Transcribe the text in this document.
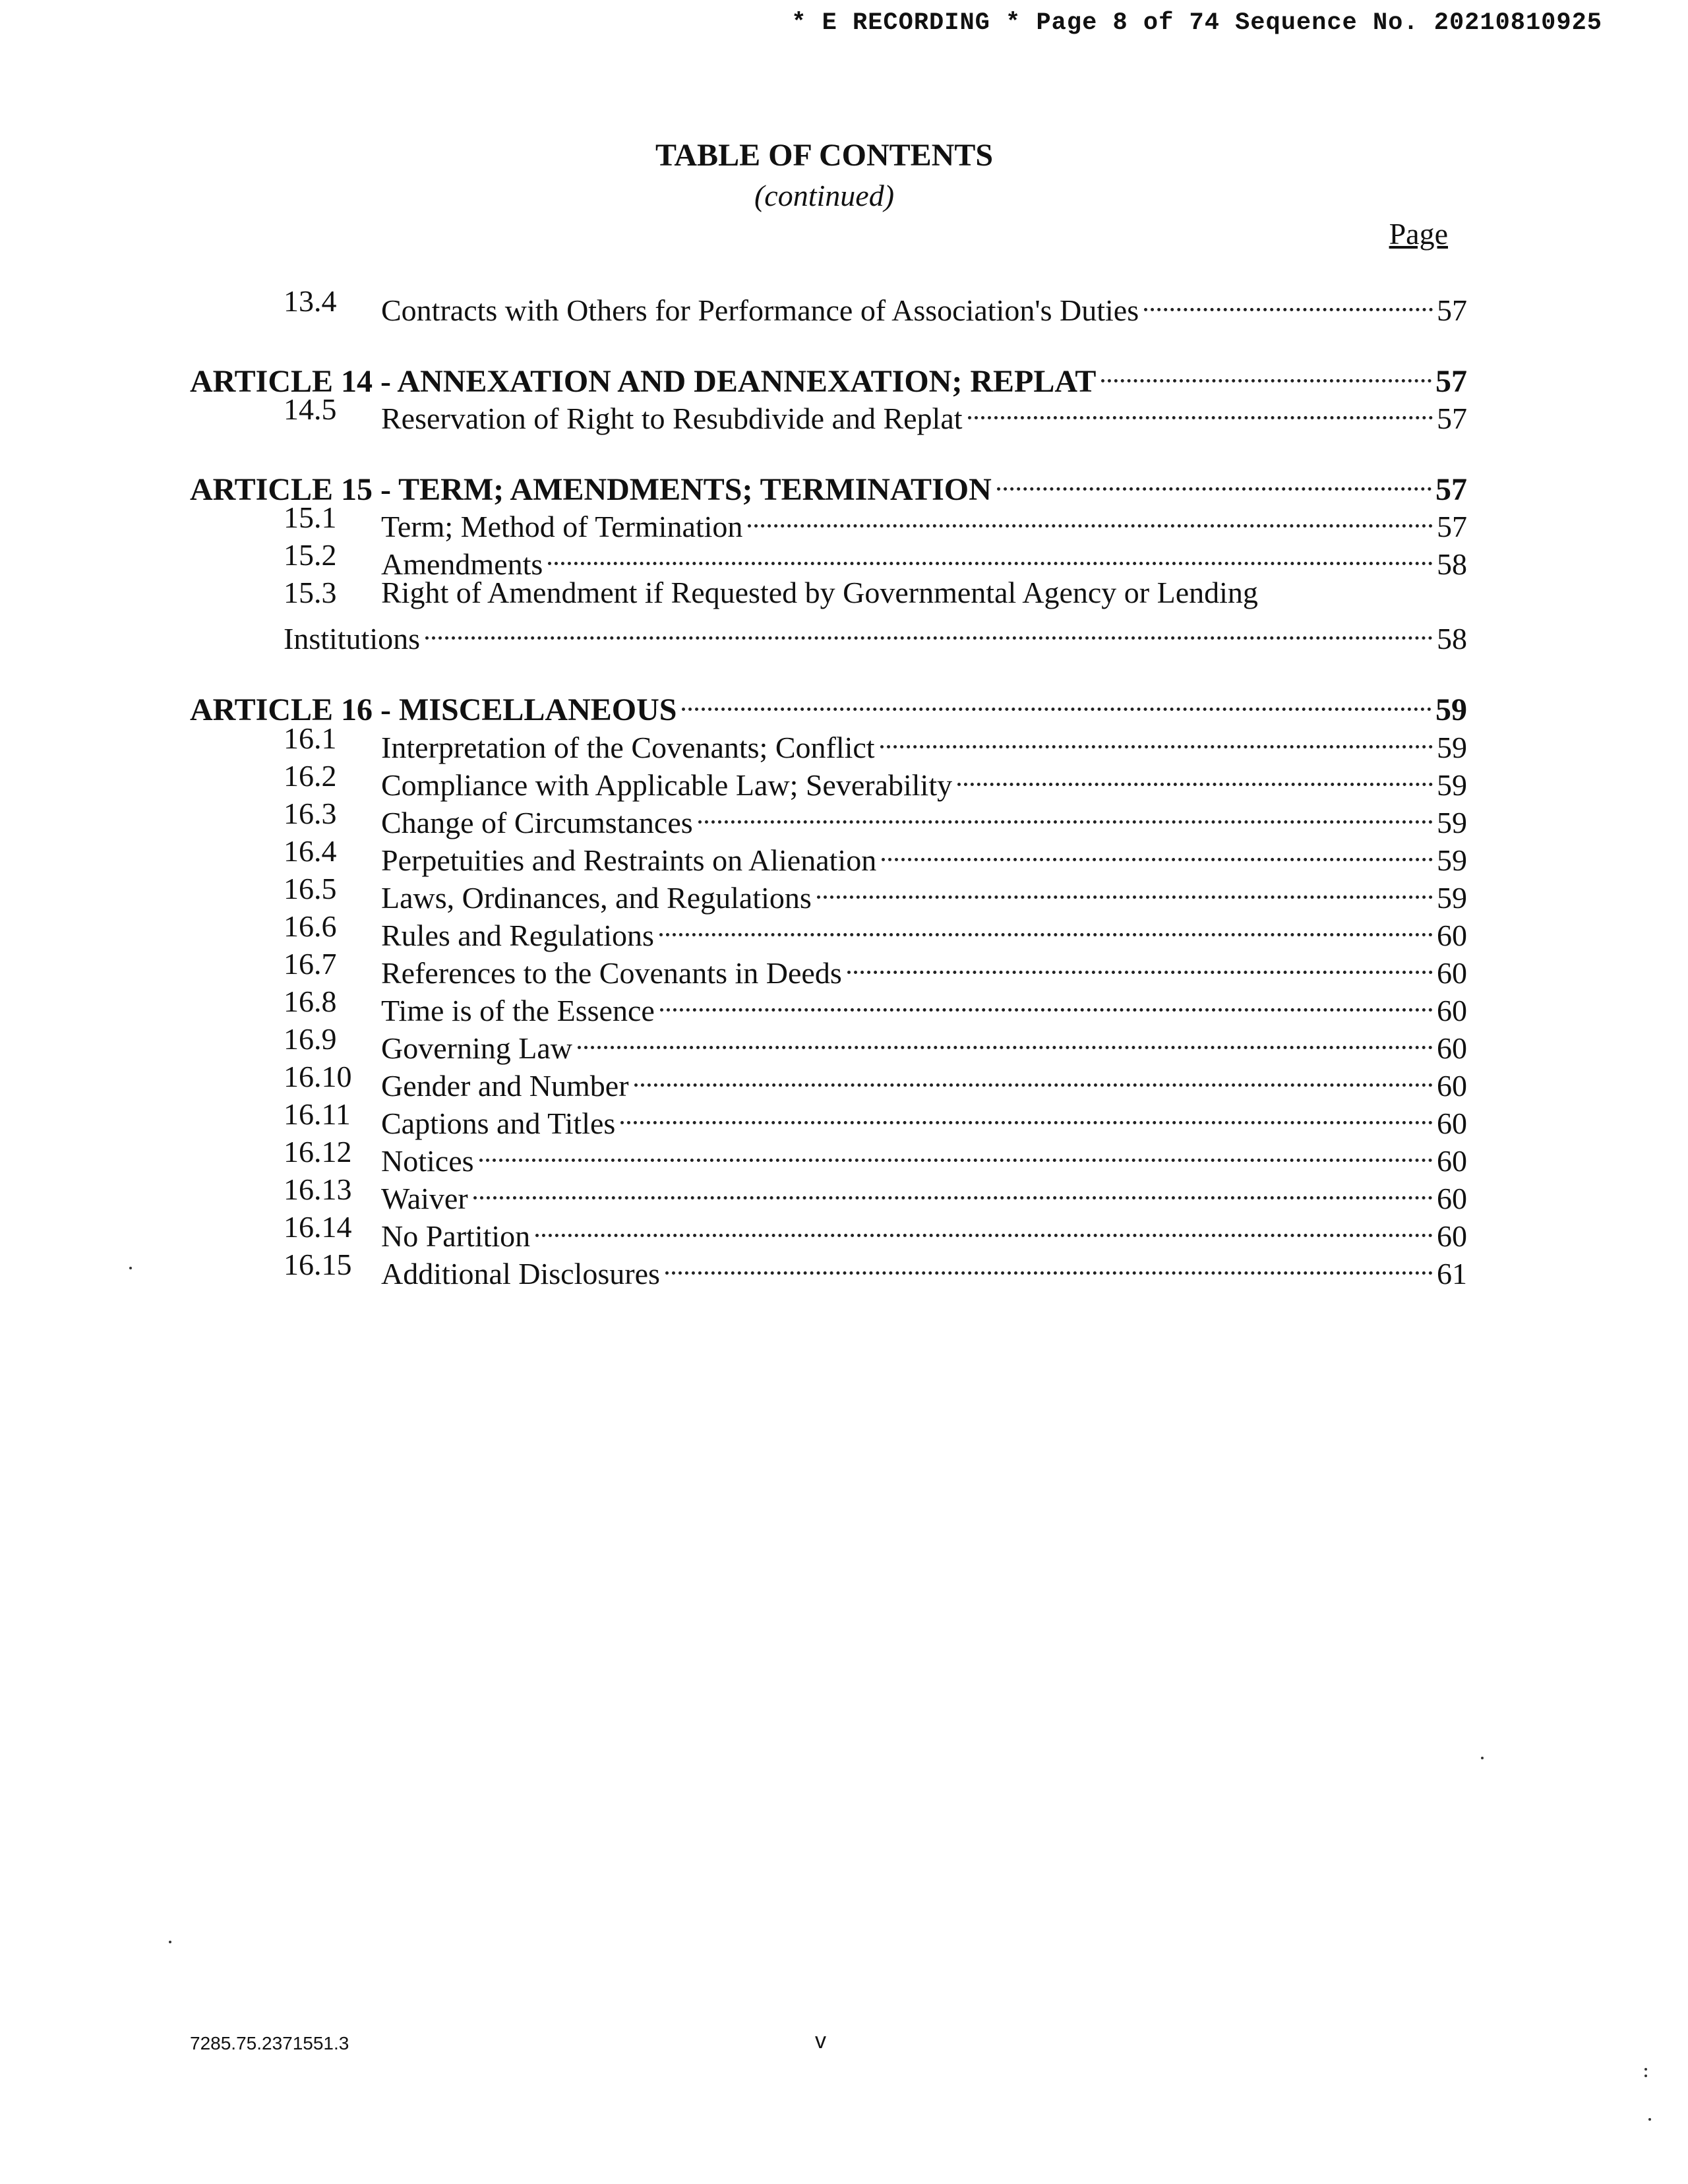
* E RECORDING * Page 8 of 74 Sequence No. 20210810925
TABLE OF CONTENTS
(continued)
Page
13.4	Contracts with Others for Performance of Association's Duties	57
ARTICLE 14 - ANNEXATION AND DEANNEXATION; REPLAT	57
14.5	Reservation of Right to Resubdivide and Replat	57
ARTICLE 15 - TERM; AMENDMENTS; TERMINATION	57
15.1	Term; Method of Termination	57
15.2	Amendments	58
15.3	Right of Amendment if Requested by Governmental Agency or Lending
Institutions	58
ARTICLE 16 - MISCELLANEOUS	59
16.1	Interpretation of the Covenants; Conflict	59
16.2	Compliance with Applicable Law; Severability	59
16.3	Change of Circumstances	59
16.4	Perpetuities and Restraints on Alienation	59
16.5	Laws, Ordinances, and Regulations	59
16.6	Rules and Regulations	60
16.7	References to the Covenants in Deeds	60
16.8	Time is of the Essence	60
16.9	Governing Law	60
16.10 Gender and Number	60
16.11	Captions and Titles	60
16.12 Notices	60
16.13 Waiver	60
16.14 No Partition	60
16.15 Additional Disclosures	61
7285.75.2371551.3	v
